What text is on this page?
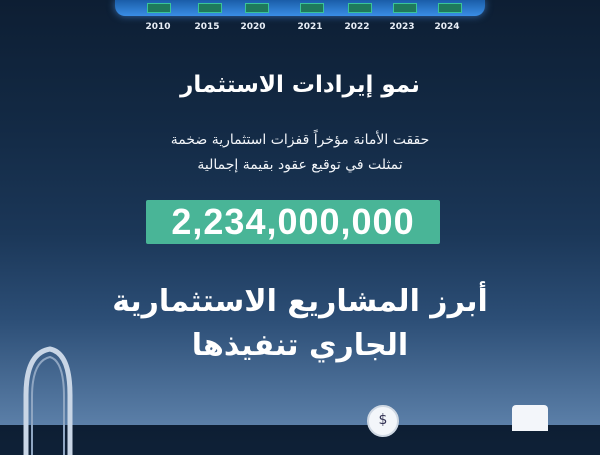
2010	2015 2020	2021 2022 2023 2024
نمو إيرادات الاستثمار
حققت الأمانة مؤخراً قفزات استثمارية ضخمة
تمثلت في توقيع عقود بقيمة إجمالية
2,234,000,000
أبرز المشاريع الاستثمارية
الجاري تنفيذها
$
